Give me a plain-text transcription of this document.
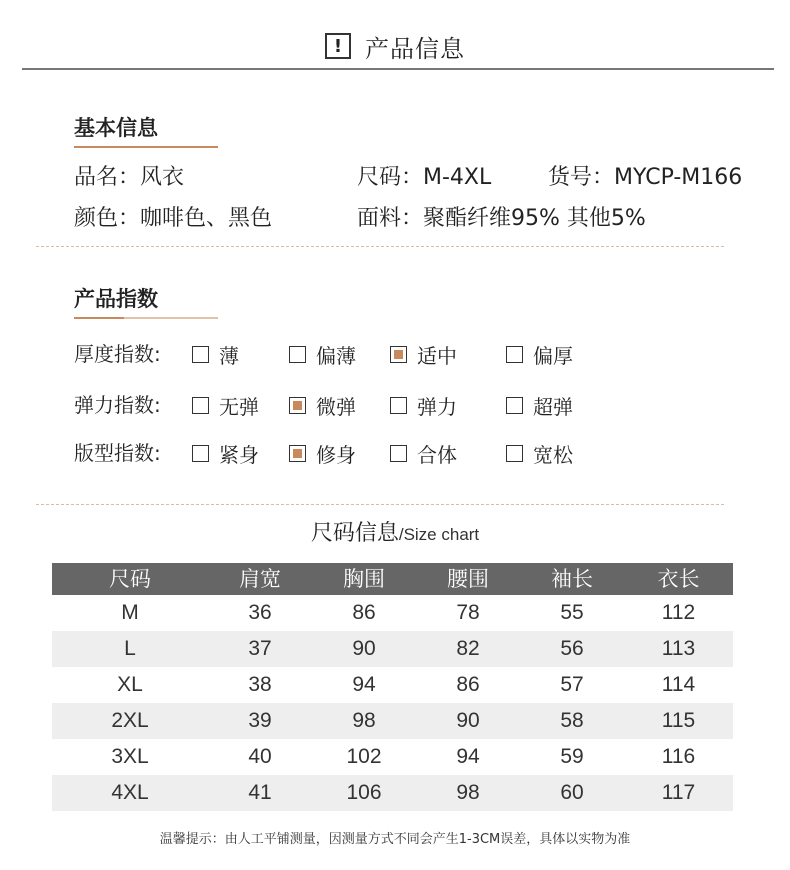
! 产品信息
基本信息
品名：风衣	尺码：M-4XL	货号：MYCP-M166
颜色：咖啡色、黑色	面料：聚酯纤维95% 其他5%
产品指数
厚度指数:	薄	偏薄	适中	偏厚
弹力指数:	无弹	微弹	弹力	超弹
版型指数:	紧身	修身	合体	宽松
尺码信息 /Size chart
尺码	肩宽	胸围	腰围	袖长	衣长
M	36	86	78	55	112
L	37	90	82	56	113
XL	38	94	86	57	114
2XL	39	98	90	58	115
3XL	40	102	94	59	116
4XL	41	106	98	60	117
温馨提示：由人工平铺测量，因测量方式不同会产生1-3CM误差，具体以实物为准
